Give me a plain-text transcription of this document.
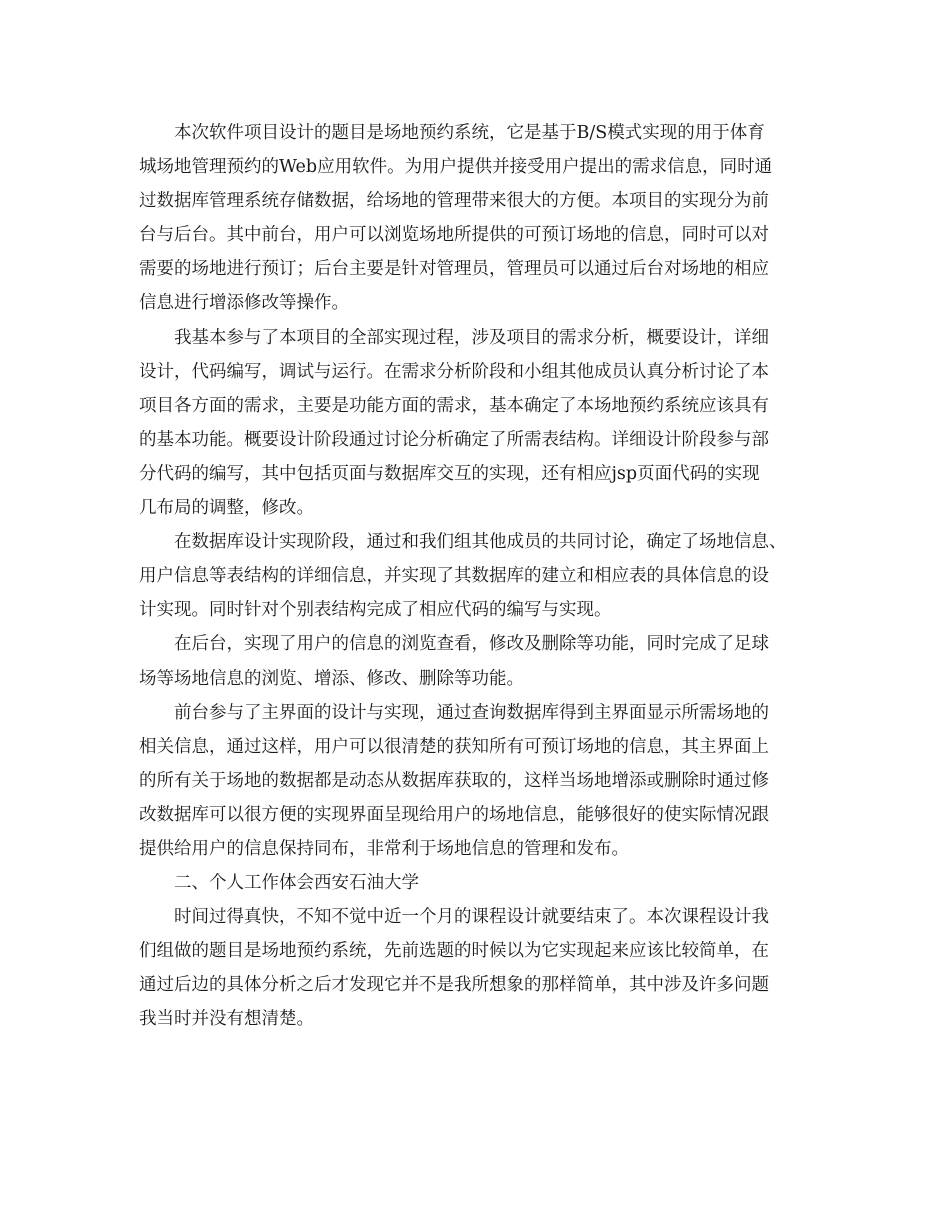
本次软件项目设计的题目是场地预约系统，它是基于B/S模式实现的用于体育
城场地管理预约的Web应用软件。为用户提供并接受用户提出的需求信息，同时通
过数据库管理系统存储数据，给场地的管理带来很大的方便。本项目的实现分为前
台与后台。其中前台，用户可以浏览场地所提供的可预订场地的信息，同时可以对
需要的场地进行预订；后台主要是针对管理员，管理员可以通过后台对场地的相应
信息进行增添修改等操作。

我基本参与了本项目的全部实现过程，涉及项目的需求分析，概要设计，详细
设计，代码编写，调试与运行。在需求分析阶段和小组其他成员认真分析讨论了本
项目各方面的需求，主要是功能方面的需求，基本确定了本场地预约系统应该具有
的基本功能。概要设计阶段通过讨论分析确定了所需表结构。详细设计阶段参与部
分代码的编写，其中包括页面与数据库交互的实现，还有相应jsp页面代码的实现
几布局的调整，修改。

在数据库设计实现阶段，通过和我们组其他成员的共同讨论，确定了场地信息、
用户信息等表结构的详细信息，并实现了其数据库的建立和相应表的具体信息的设
计实现。同时针对个别表结构完成了相应代码的编写与实现。

在后台，实现了用户的信息的浏览查看，修改及删除等功能，同时完成了足球
场等场地信息的浏览、增添、修改、删除等功能。

前台参与了主界面的设计与实现，通过查询数据库得到主界面显示所需场地的
相关信息，通过这样，用户可以很清楚的获知所有可预订场地的信息，其主界面上
的所有关于场地的数据都是动态从数据库获取的，这样当场地增添或删除时通过修
改数据库可以很方便的实现界面呈现给用户的场地信息，能够很好的使实际情况跟
提供给用户的信息保持同布，非常利于场地信息的管理和发布。

二、个人工作体会西安石油大学

时间过得真快，不知不觉中近一个月的课程设计就要结束了。本次课程设计我
们组做的题目是场地预约系统，先前选题的时候以为它实现起来应该比较简单，在
通过后边的具体分析之后才发现它并不是我所想象的那样简单，其中涉及许多问题
我当时并没有想清楚。
